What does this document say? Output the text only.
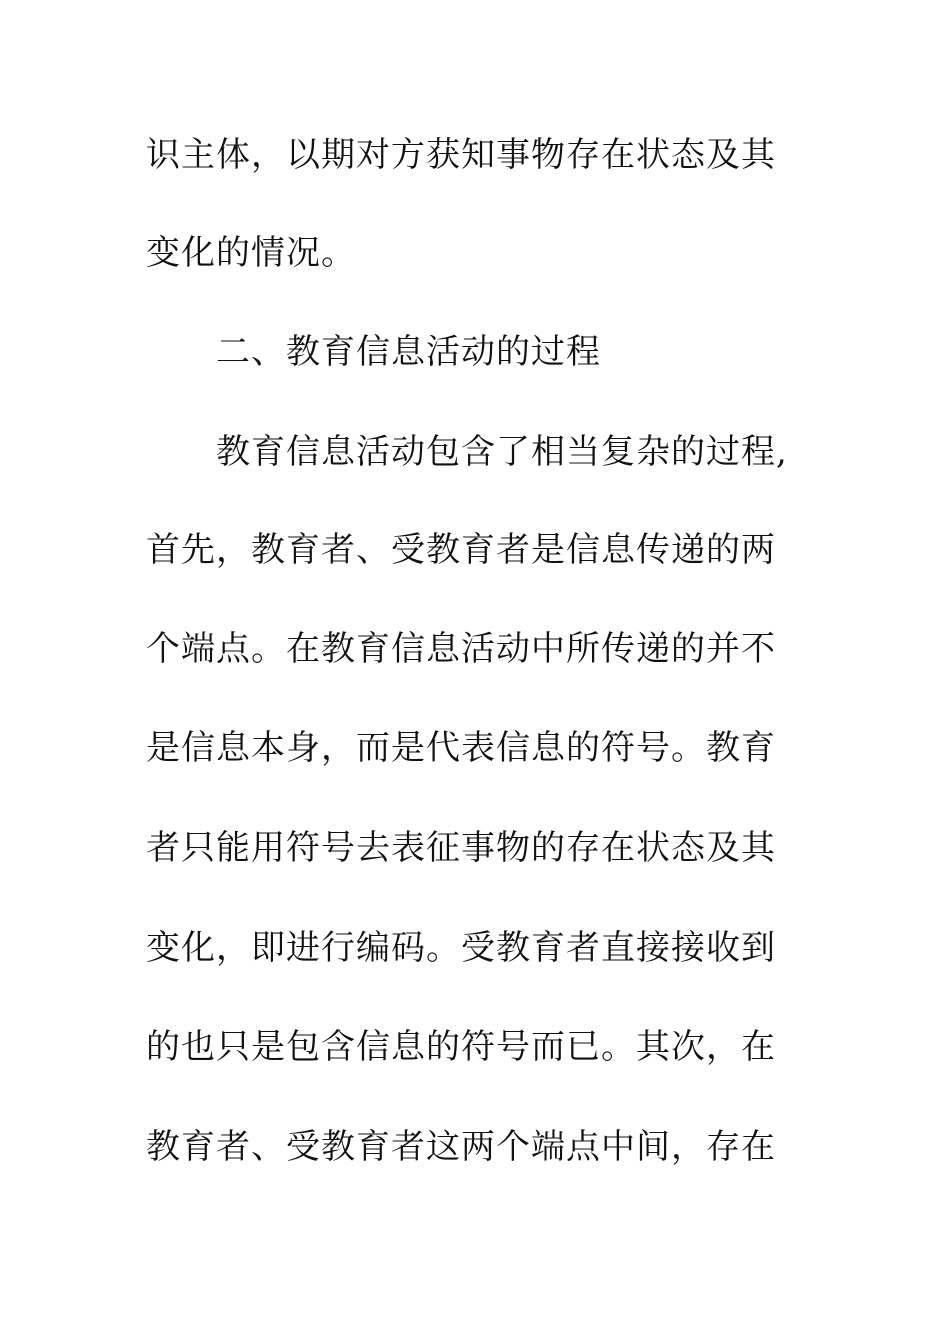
识主体，以期对方获知事物存在状态及其
变化的情况。
二、教育信息活动的过程
教育信息活动包含了相当复杂的过程,
首先，教育者、受教育者是信息传递的两
个端点。在教育信息活动中所传递的并不
是信息本身，而是代表信息的符号。教育
者只能用符号去表征事物的存在状态及其
变化，即进行编码。受教育者直接接收到
的也只是包含信息的符号而已。其次，在
教育者、受教育者这两个端点中间，存在
